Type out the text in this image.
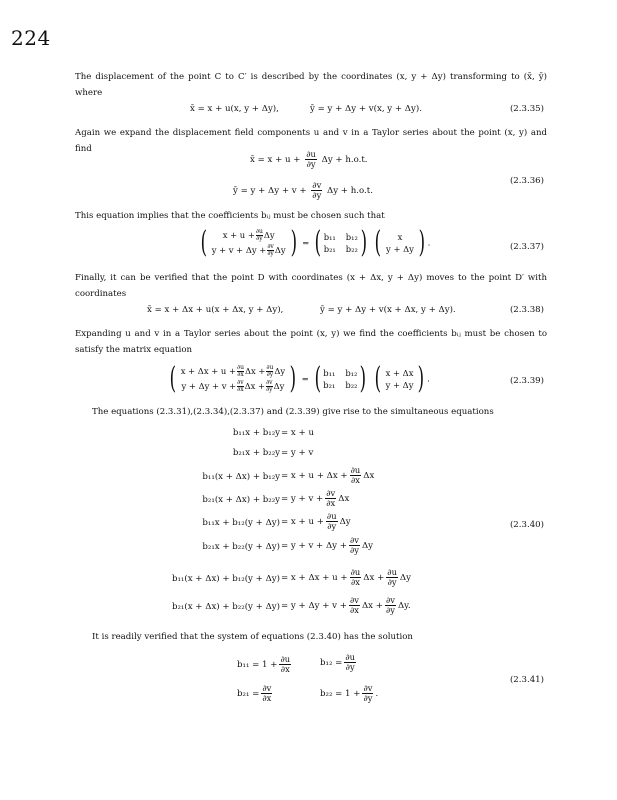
224
The displacement of the point C to C′ is described by the coordinates (x, y + Δy) transforming to (x̄, ȳ) where
x̄ = x + u(x, y + Δy),	ȳ = y + Δy + v(x, y + Δy).	(2.3.35)
Again we expand the displacement field components u and v in a Taylor series about the point (x, y) and find
x̄ = $x + u + \frac{\partial u}{\partial y}$ Δy + h.o.t.
ȳ = $y + \Delta y + v + \frac{\partial v}{\partial y}$ Δy + h.o.t.
(2.3.36)
This equation implies that the coefficients bᵢⱼ must be chosen such that
(	$x + u + \frac{\partial u}{\partial y}$ Δy
$y + v + \Delta y + \frac{\partial v}{\partial y}$ Δy ) = ( b₁₁ b₁₂
b₂₁ b₂₂ )
(	x
y + Δy ) .	(2.3.37)
Finally, it can be verified that the point D with coordinates (x + Δx, y + Δy) moves to the point D′ with coordinates
x̄ = x + Δx + u(x + Δx, y + Δy),	ȳ = y + Δy + v(x + Δx, y + Δy).	(2.3.38)
Expanding u and v in a Taylor series about the point (x, y) we find the coefficients bᵢⱼ must be chosen to satisfy the matrix equation
( $x + \Delta x + u + \frac{\partial u}{\partial x}$ $\Delta x + \frac{\partial u}{\partial y}$ Δy
$y + \Delta y + v + \frac{\partial v}{\partial x}$ $\Delta x + \frac{\partial v}{\partial y}$ Δy ) = ( b₁₁ b₁₂
b₂₁ b₂₂ )
( x + Δx
y + Δy ) .	(2.3.39)
The equations (2.3.31),(2.3.34),(2.3.37) and (2.3.39) give rise to the simultaneous equations
b₁₁x + b₁₂y = x + u
b₂₁x + b₂₂y = y + v
$b_{11}(x + \Delta x) + b_{12}y = x + u + \Delta x + \frac{\partial u}{\partial x}$ Δx
$b_{21}(x + \Delta x) + b_{22}y = y + v + \frac{\partial v}{\partial x}$ Δx
$b_{11}x + b_{12}(y + \Delta y) = x + u + \frac{\partial u}{\partial y}$ Δy
$b_{21}x + b_{22}(y + \Delta y) = y + v + \Delta y + \frac{\partial v}{\partial y}$ Δy
$b_{11}(x + \Delta x) + b_{12}(y + \Delta y) = x + \Delta x + u + \frac{\partial u}{\partial x}$ $\Delta x + \frac{\partial u}{\partial y}$ Δy
$b_{21}(x + \Delta x) + b_{22}(y + \Delta y) = y + \Delta y + v + \frac{\partial v}{\partial x}$ $\Delta x + \frac{\partial v}{\partial y} \Delta y$.
(2.3.40)
It is readily verified that the system of equations (2.3.40) has the solution
$b_{11} = 1 + \frac{\partial u}{\partial x}$	$b_{12} = \frac{\partial u}{\partial y}$
$b_{21} = \frac{\partial v}{\partial x}$	$b_{22} = 1 + \frac{\partial v}{\partial y}$ .
(2.3.41)
